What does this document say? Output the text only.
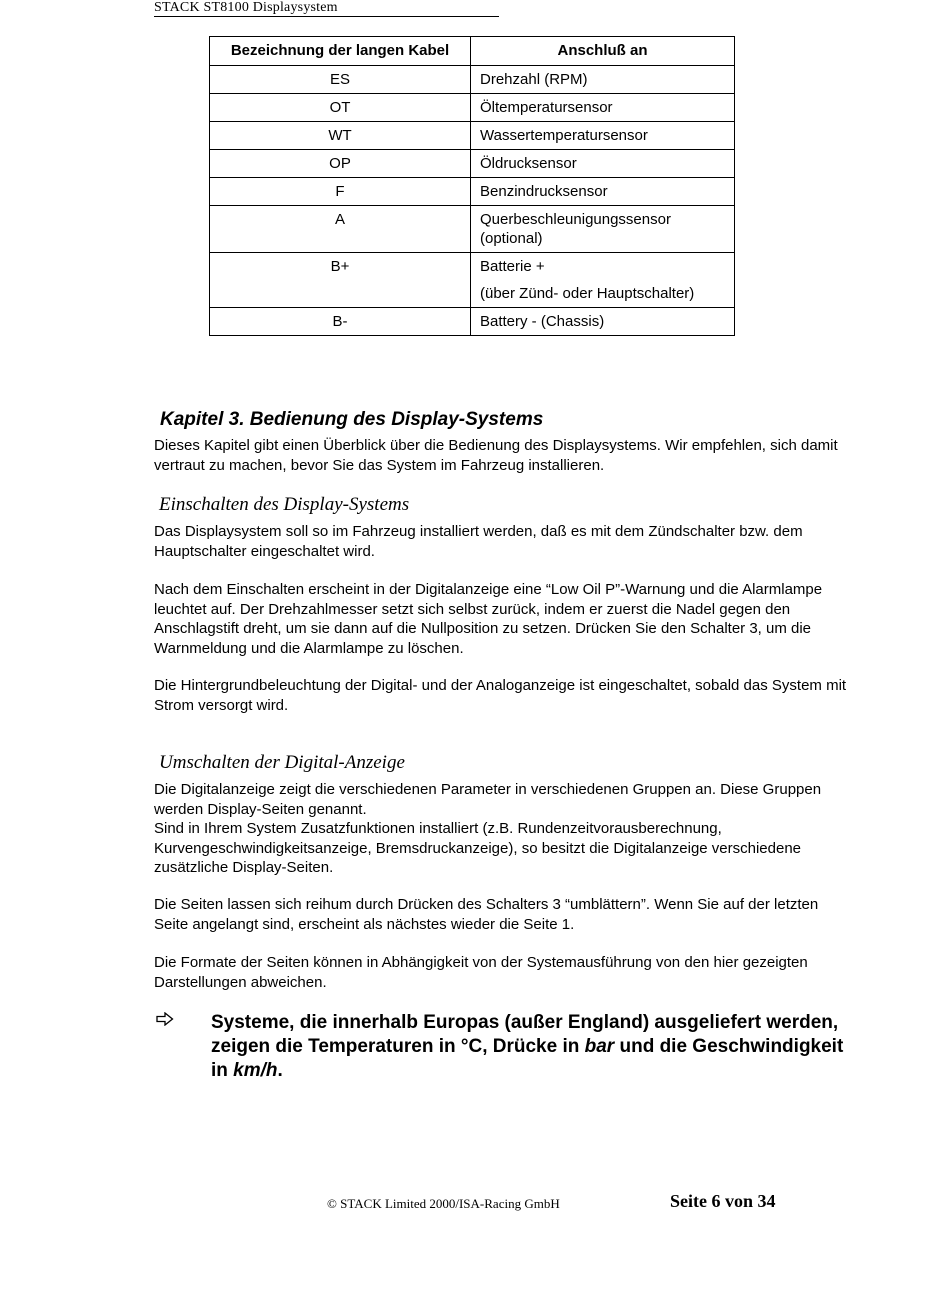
STACK ST8100 Displaysystem
Bezeichnung der langen Kabel	Anschluß an
ES	Drehzahl (RPM)
OT	Öltemperatursensor
WT	Wassertemperatursensor
OP	Öldrucksensor
F	Benzindrucksensor
A	Querbeschleunigungssensor
(optional)

B+	Batterie +
(über Zünd- oder Hauptschalter)

B-	Battery - (Chassis)
Kapitel 3. Bedienung des Display-Systems
Dieses Kapitel gibt einen Überblick über die Bedienung des Displaysystems. Wir empfehlen, sich damit vertraut zu machen, bevor Sie das System im Fahrzeug installieren.
Einschalten des Display-Systems
Das Displaysystem soll so im Fahrzeug installiert werden, daß es mit dem Zündschalter bzw. dem Hauptschalter eingeschaltet wird.
Nach dem Einschalten erscheint in der Digitalanzeige eine “Low Oil P”-Warnung und die Alarmlampe leuchtet auf. Der Drehzahlmesser setzt sich selbst zurück, indem er zuerst die Nadel gegen den Anschlagstift dreht, um sie dann auf die Nullposition zu setzen. Drücken Sie den Schalter 3, um die Warnmeldung und die Alarmlampe zu löschen.
Die Hintergrundbeleuchtung der Digital- und der Analoganzeige ist eingeschaltet, sobald das System mit Strom versorgt wird.
Umschalten der Digital-Anzeige
Die Digitalanzeige zeigt die verschiedenen Parameter in verschiedenen Gruppen an. Diese Gruppen werden Display-Seiten genannt.
Sind in Ihrem System Zusatzfunktionen installiert (z.B. Rundenzeitvorausberechnung, Kurvengeschwindigkeitsanzeige, Bremsdruckanzeige), so besitzt die Digitalanzeige verschiedene zusätzliche Display-Seiten.
Die Seiten lassen sich reihum durch Drücken des Schalters 3 “umblättern”. Wenn Sie auf der letzten Seite angelangt sind, erscheint als nächstes wieder die Seite 1.
Die Formate der Seiten können in Abhängigkeit von der Systemausführung von den hier gezeigten Darstellungen abweichen.
Systeme, die innerhalb Europas (außer England) ausgeliefert werden, zeigen die Temperaturen in °C, Drücke in bar und die Geschwindigkeit in km/h.
© STACK Limited 2000/ISA-Racing GmbH	Seite 6 von 34
